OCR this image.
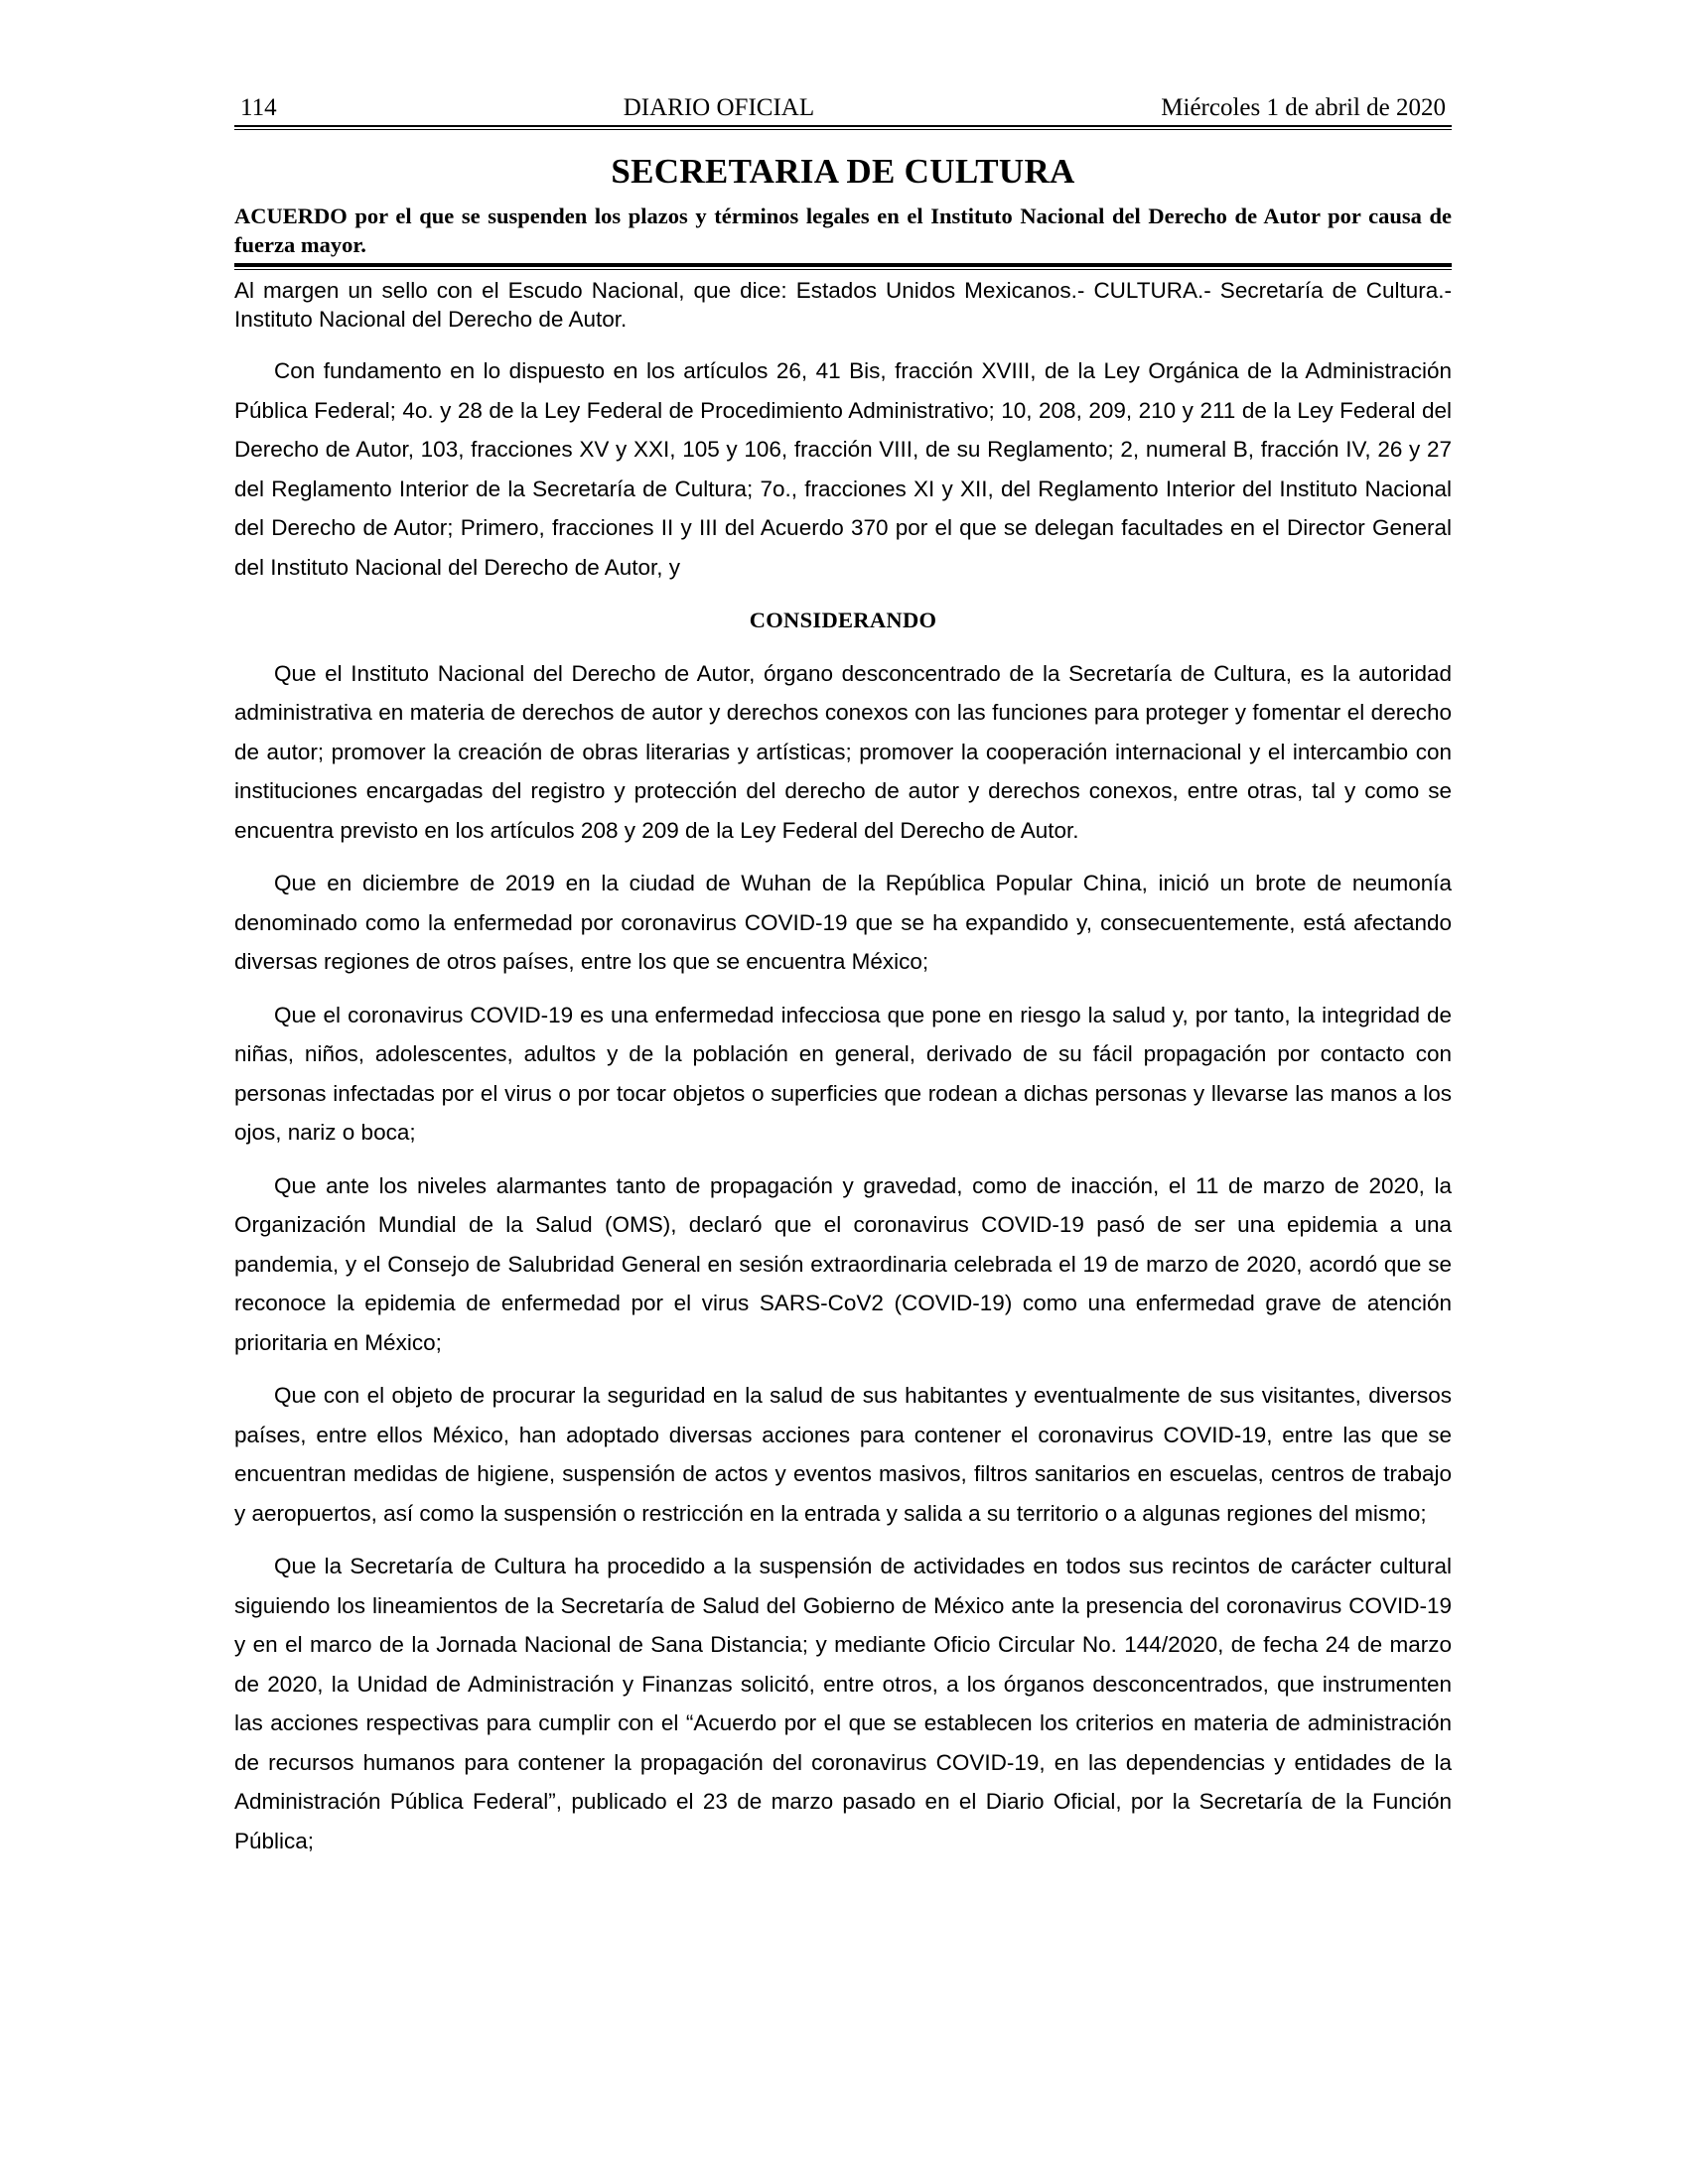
114	DIARIO OFICIAL	Miércoles 1 de abril de 2020
SECRETARIA DE CULTURA
ACUERDO por el que se suspenden los plazos y términos legales en el Instituto Nacional del Derecho de Autor por causa de fuerza mayor.
Al margen un sello con el Escudo Nacional, que dice: Estados Unidos Mexicanos.- CULTURA.- Secretaría de Cultura.- Instituto Nacional del Derecho de Autor.

Con fundamento en lo dispuesto en los artículos 26, 41 Bis, fracción XVIII, de la Ley Orgánica de la Administración Pública Federal; 4o. y 28 de la Ley Federal de Procedimiento Administrativo; 10, 208, 209, 210 y 211 de la Ley Federal del Derecho de Autor, 103, fracciones XV y XXI, 105 y 106, fracción VIII, de su Reglamento; 2, numeral B, fracción IV, 26 y 27 del Reglamento Interior de la Secretaría de Cultura; 7o., fracciones XI y XII, del Reglamento Interior del Instituto Nacional del Derecho de Autor; Primero, fracciones II y III del Acuerdo 370 por el que se delegan facultades en el Director General del Instituto Nacional del Derecho de Autor, y

CONSIDERANDO

Que el Instituto Nacional del Derecho de Autor, órgano desconcentrado de la Secretaría de Cultura, es la autoridad administrativa en materia de derechos de autor y derechos conexos con las funciones para proteger y fomentar el derecho de autor; promover la creación de obras literarias y artísticas; promover la cooperación internacional y el intercambio con instituciones encargadas del registro y protección del derecho de autor y derechos conexos, entre otras, tal y como se encuentra previsto en los artículos 208 y 209 de la Ley Federal del Derecho de Autor.

Que en diciembre de 2019 en la ciudad de Wuhan de la República Popular China, inició un brote de neumonía denominado como la enfermedad por coronavirus COVID-19 que se ha expandido y, consecuentemente, está afectando diversas regiones de otros países, entre los que se encuentra México;

Que el coronavirus COVID-19 es una enfermedad infecciosa que pone en riesgo la salud y, por tanto, la integridad de niñas, niños, adolescentes, adultos y de la población en general, derivado de su fácil propagación por contacto con personas infectadas por el virus o por tocar objetos o superficies que rodean a dichas personas y llevarse las manos a los ojos, nariz o boca;

Que ante los niveles alarmantes tanto de propagación y gravedad, como de inacción, el 11 de marzo de 2020, la Organización Mundial de la Salud (OMS), declaró que el coronavirus COVID-19 pasó de ser una epidemia a una pandemia, y el Consejo de Salubridad General en sesión extraordinaria celebrada el 19 de marzo de 2020, acordó que se reconoce la epidemia de enfermedad por el virus SARS-CoV2 (COVID-19) como una enfermedad grave de atención prioritaria en México;

Que con el objeto de procurar la seguridad en la salud de sus habitantes y eventualmente de sus visitantes, diversos países, entre ellos México, han adoptado diversas acciones para contener el coronavirus COVID-19, entre las que se encuentran medidas de higiene, suspensión de actos y eventos masivos, filtros sanitarios en escuelas, centros de trabajo y aeropuertos, así como la suspensión o restricción en la entrada y salida a su territorio o a algunas regiones del mismo;

Que la Secretaría de Cultura ha procedido a la suspensión de actividades en todos sus recintos de carácter cultural siguiendo los lineamientos de la Secretaría de Salud del Gobierno de México ante la presencia del coronavirus COVID-19 y en el marco de la Jornada Nacional de Sana Distancia; y mediante Oficio Circular No. 144/2020, de fecha 24 de marzo de 2020, la Unidad de Administración y Finanzas solicitó, entre otros, a los órganos desconcentrados, que instrumenten las acciones respectivas para cumplir con el “Acuerdo por el que se establecen los criterios en materia de administración de recursos humanos para contener la propagación del coronavirus COVID-19, en las dependencias y entidades de la Administración Pública Federal”, publicado el 23 de marzo pasado en el Diario Oficial, por la Secretaría de la Función Pública;
